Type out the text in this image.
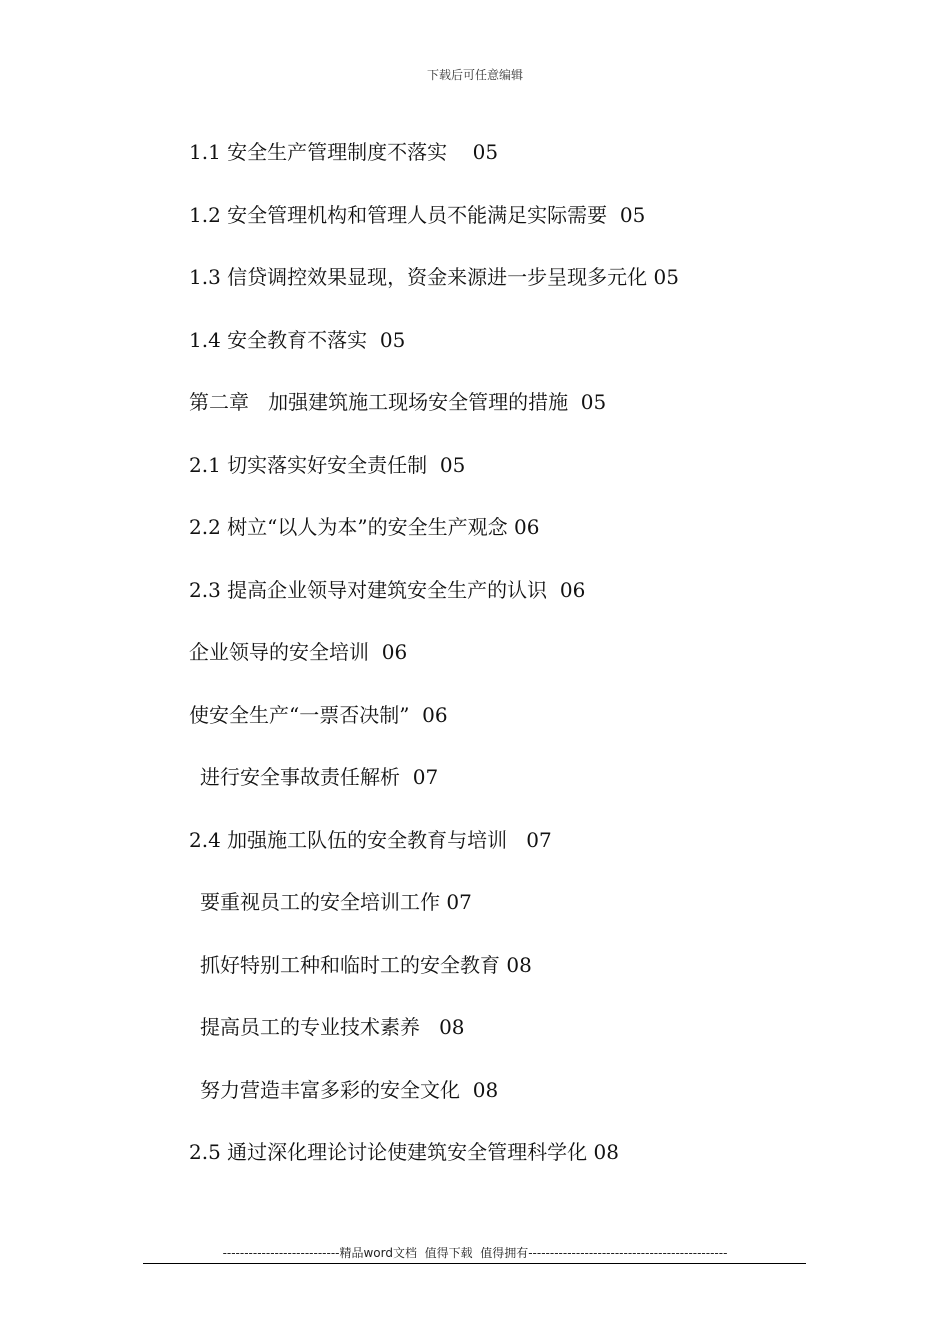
下载后可任意编辑
1.1 安全生产管理制度不落实    05
1.2 安全管理机构和管理人员不能满足实际需要  05
1.3 信贷调控效果显现，资金来源进一步呈现多元化 05
1.4 安全教育不落实  05
第二章   加强建筑施工现场安全管理的措施  05
2.1 切实落实好安全责任制  05
2.2 树立“以人为本”的安全生产观念 06
2.3 提高企业领导对建筑安全生产的认识  06
企业领导的安全培训  06
使安全生产“一票否决制”  06
进行安全事故责任解析  07
2.4 加强施工队伍的安全教育与培训   07
要重视员工的安全培训工作 07
抓好特别工种和临时工的安全教育 08
提高员工的专业技术素养   08
努力营造丰富多彩的安全文化  08
2.5 通过深化理论讨论使建筑安全管理科学化 08
---------------------------精品word文档  值得下载  值得拥有----------------------------------------------
